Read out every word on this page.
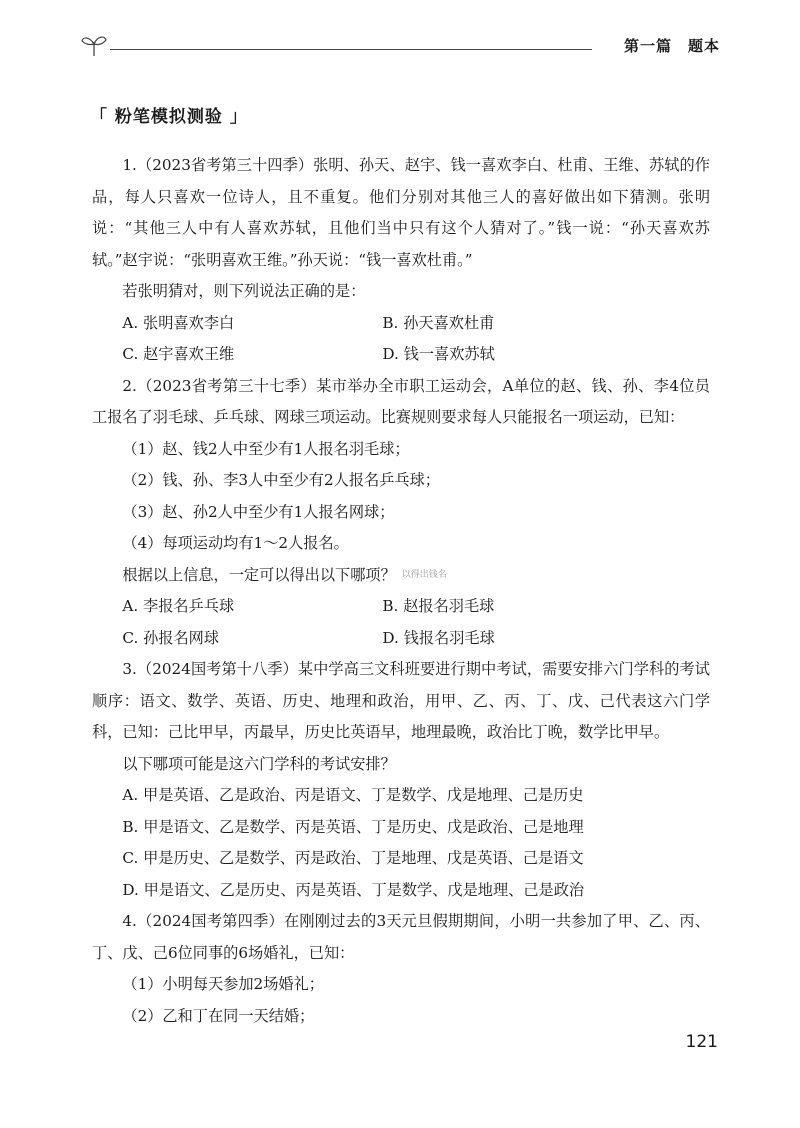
第一篇　题本
「 粉笔模拟测验 」

1.（2023省考第三十四季）张明、孙天、赵宇、钱一喜欢李白、杜甫、王维、苏轼的作品，每人只喜欢一位诗人，且不重复。他们分别对其他三人的喜好做出如下猜测。张明说：“其他三人中有人喜欢苏轼，且他们当中只有这个人猜对了。”钱一说：“孙天喜欢苏轼。”赵宇说：“张明喜欢王维。”孙天说：“钱一喜欢杜甫。”

若张明猜对，则下列说法正确的是：

A. 张明喜欢李白	B. 孙天喜欢杜甫
C. 赵宇喜欢王维	D. 钱一喜欢苏轼

2.（2023省考第三十七季）某市举办全市职工运动会，A单位的赵、钱、孙、李4位员工报名了羽毛球、乒乓球、网球三项运动。比赛规则要求每人只能报名一项运动，已知：

（1）赵、钱2人中至少有1人报名羽毛球；

（2）钱、孙、李3人中至少有2人报名乒乓球；

（3）赵、孙2人中至少有1人报名网球；

（4）每项运动均有1～2人报名。

根据以上信息，一定可以得出以下哪项？ 以得出钱名

A. 李报名乒乓球	B. 赵报名羽毛球
C. 孙报名网球	D. 钱报名羽毛球

3.（2024国考第十八季）某中学高三文科班要进行期中考试，需要安排六门学科的考试顺序：语文、数学、英语、历史、地理和政治，用甲、乙、丙、丁、戊、己代表这六门学科，已知：己比甲早，丙最早，历史比英语早，地理最晚，政治比丁晚，数学比甲早。

以下哪项可能是这六门学科的考试安排？

A. 甲是英语、乙是政治、丙是语文、丁是数学、戊是地理、己是历史
B. 甲是语文、乙是数学、丙是英语、丁是历史、戊是政治、己是地理
C. 甲是历史、乙是数学、丙是政治、丁是地理、戊是英语、己是语文
D. 甲是语文、乙是历史、丙是英语、丁是数学、戊是地理、己是政治

4.（2024国考第四季）在刚刚过去的3天元旦假期期间，小明一共参加了甲、乙、丙、丁、戊、己6位同事的6场婚礼，已知：

（1）小明每天参加2场婚礼；

（2）乙和丁在同一天结婚；

121
